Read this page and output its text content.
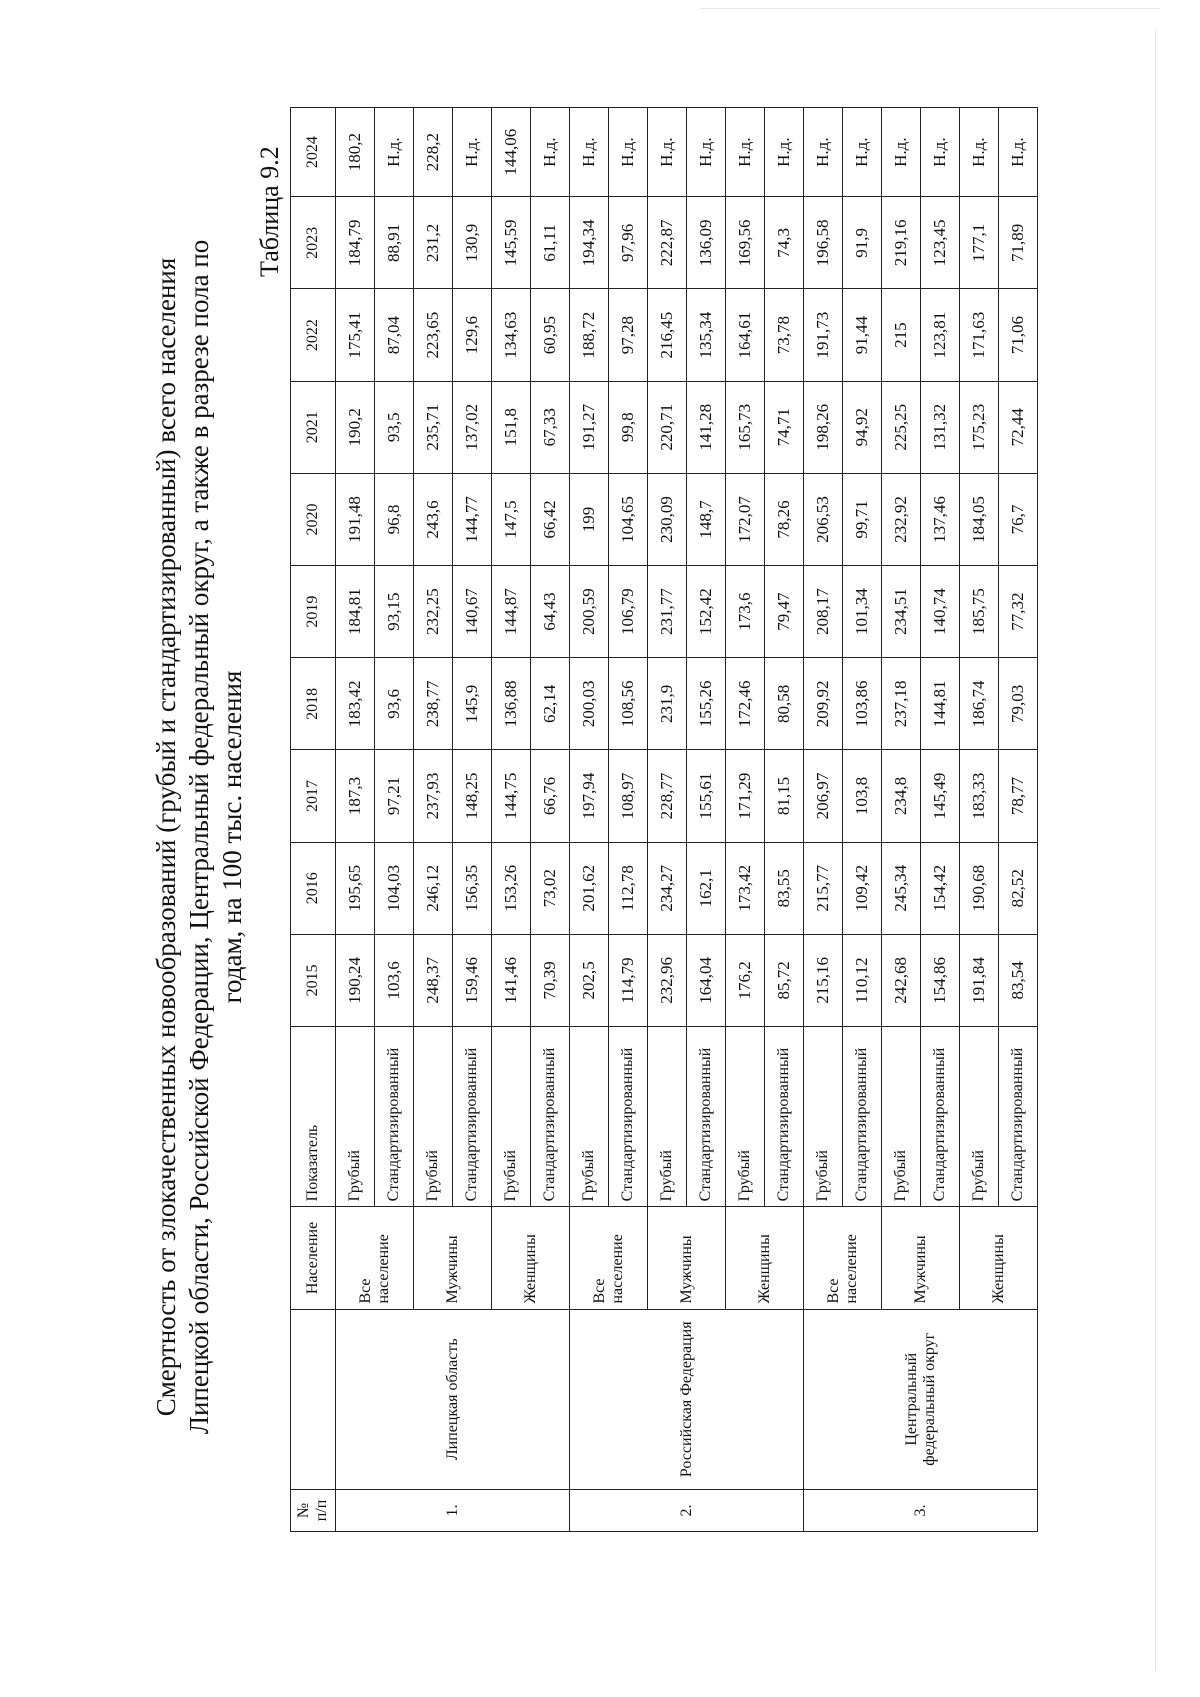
Смертность от злокачественных новообразований (грубый и стандартизированный) всего населения Липецкой области, Российской Федерации, Центральный федеральный округ, а также в разрезе пола по годам, на 100 тыс. населения
Таблица 9.2
№ п/п		Население	Показатель	2015	2016	2017	2018	2019	2020	2021	2022	2023	2024
1.	Липецкая область	Все население	Грубый	190,24	195,65	187,3	183,42	184,81	191,48	190,2	175,41	184,79	180,2
			Стандартизированный	103,6	104,03	97,21	93,6	93,15	96,8	93,5	87,04	88,91	Н.д.
		Мужчины	Грубый	248,37	246,12	237,93	238,77	232,25	243,6	235,71	223,65	231,2	228,2
			Стандартизированный	159,46	156,35	148,25	145,9	140,67	144,77	137,02	129,6	130,9	Н.д.
		Женщины	Грубый	141,46	153,26	144,75	136,88	144,87	147,5	151,8	134,63	145,59	144,06
			Стандартизированный	70,39	73,02	66,76	62,14	64,43	66,42	67,33	60,95	61,11	Н.д.
2.	Российская Федерация	Все население	Грубый	202,5	201,62	197,94	200,03	200,59	199	191,27	188,72	194,34	Н.д.
			Стандартизированный	114,79	112,78	108,97	108,56	106,79	104,65	99,8	97,28	97,96	Н.д.
		Мужчины	Грубый	232,96	234,27	228,77	231,9	231,77	230,09	220,71	216,45	222,87	Н.д.
			Стандартизированный	164,04	162,1	155,61	155,26	152,42	148,7	141,28	135,34	136,09	Н.д.
		Женщины	Грубый	176,2	173,42	171,29	172,46	173,6	172,07	165,73	164,61	169,56	Н.д.
			Стандартизированный	85,72	83,55	81,15	80,58	79,47	78,26	74,71	73,78	74,3	Н.д.
3.	Центральный федеральный округ	Все население	Грубый	215,16	215,77	206,97	209,92	208,17	206,53	198,26	191,73	196,58	Н.д.
			Стандартизированный	110,12	109,42	103,8	103,86	101,34	99,71	94,92	91,44	91,9	Н.д.
		Мужчины	Грубый	242,68	245,34	234,8	237,18	234,51	232,92	225,25	215	219,16	Н.д.
			Стандартизированный	154,86	154,42	145,49	144,81	140,74	137,46	131,32	123,81	123,45	Н.д.
		Женщины	Грубый	191,84	190,68	183,33	186,74	185,75	184,05	175,23	171,63	177,1	Н.д.
			Стандартизированный	83,54	82,52	78,77	79,03	77,32	76,7	72,44	71,06	71,89	Н.д.
